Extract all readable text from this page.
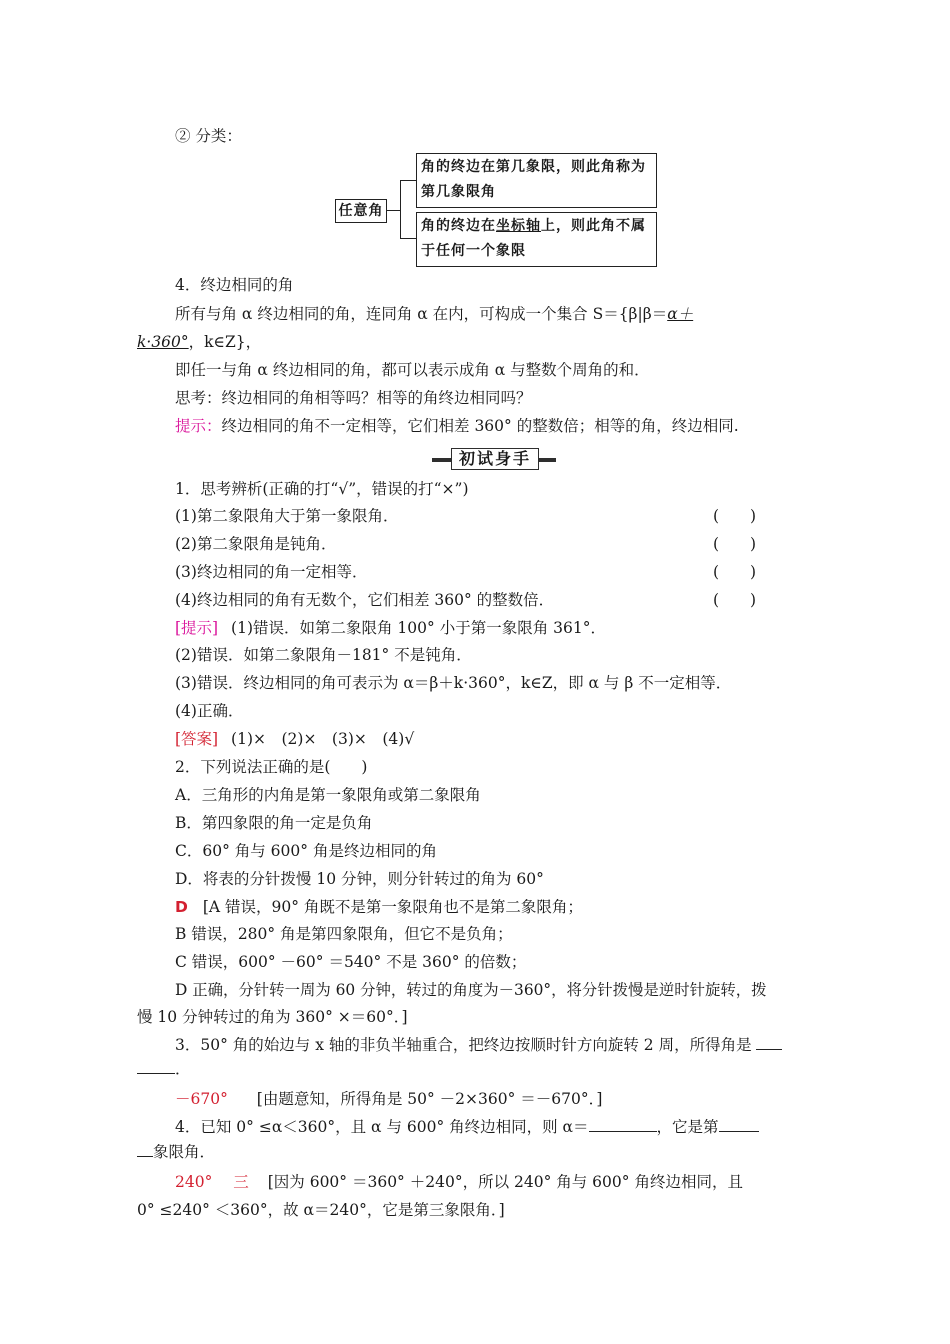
② 分类：
任意角
角的终边在第几象限，则此角称为
第几象限角
角的终边在坐标轴上，则此角不属
于任何一个象限
4．终边相同的角
所有与角 α 终边相同的角，连同角 α 在内，可构成一个集合 S＝{β|β＝α＋
k·360°，k∈Z}，
即任一与角 α 终边相同的角，都可以表示成角 α 与整数个周角的和．
思考：终边相同的角相等吗？相等的角终边相同吗？
提示：终边相同的角不一定相等，它们相差 360° 的整数倍；相等的角，终边相同.
初试身手
1．思考辨析(正确的打“√”，错误的打“×”)
(1)第二象限角大于第一象限角．	(　　)
(2)第二象限角是钝角．	(　　)
(3)终边相同的角一定相等．	(　　)
(4)终边相同的角有无数个，它们相差 360° 的整数倍．	(　　)
[提示] (1)错误．如第二象限角 100° 小于第一象限角 361°．
(2)错误．如第二象限角－181° 不是钝角．
(3)错误．终边相同的角可表示为 α＝β＋k·360°，k∈Z，即 α 与 β 不一定相等．
(4)正确．
[答案] (1)×　(2)×　(3)×　(4)√
2．下列说法正确的是(　　)
A．三角形的内角是第一象限角或第二象限角
B．第四象限的角一定是负角
C．60° 角与 600° 角是终边相同的角
D．将表的分针拨慢 10 分钟，则分针转过的角为 60°
D [A 错误，90° 角既不是第一象限角也不是第二象限角；
B 错误，280° 角是第四象限角，但它不是负角；
C 错误，600° －60° ＝540° 不是 360° 的倍数；
D 正确，分针转一周为 60 分钟，转过的角度为－360°，将分针拨慢是逆时针旋转，拨
慢 10 分钟转过的角为 360° ×＝60°．]
3．50° 角的始边与 x 轴的非负半轴重合，把终边按顺时针方向旋转 2 周，所得角是
．
－670° [由题意知，所得角是 50° －2×360° ＝－670°．]
4．已知 0° ≤α＜360°，且 α 与 600° 角终边相同，则 α＝	，它是第
象限角．
240° 三 [因为 600° ＝360° ＋240°，所以 240° 角与 600° 角终边相同，且
0° ≤240° ＜360°，故 α＝240°，它是第三象限角．]
